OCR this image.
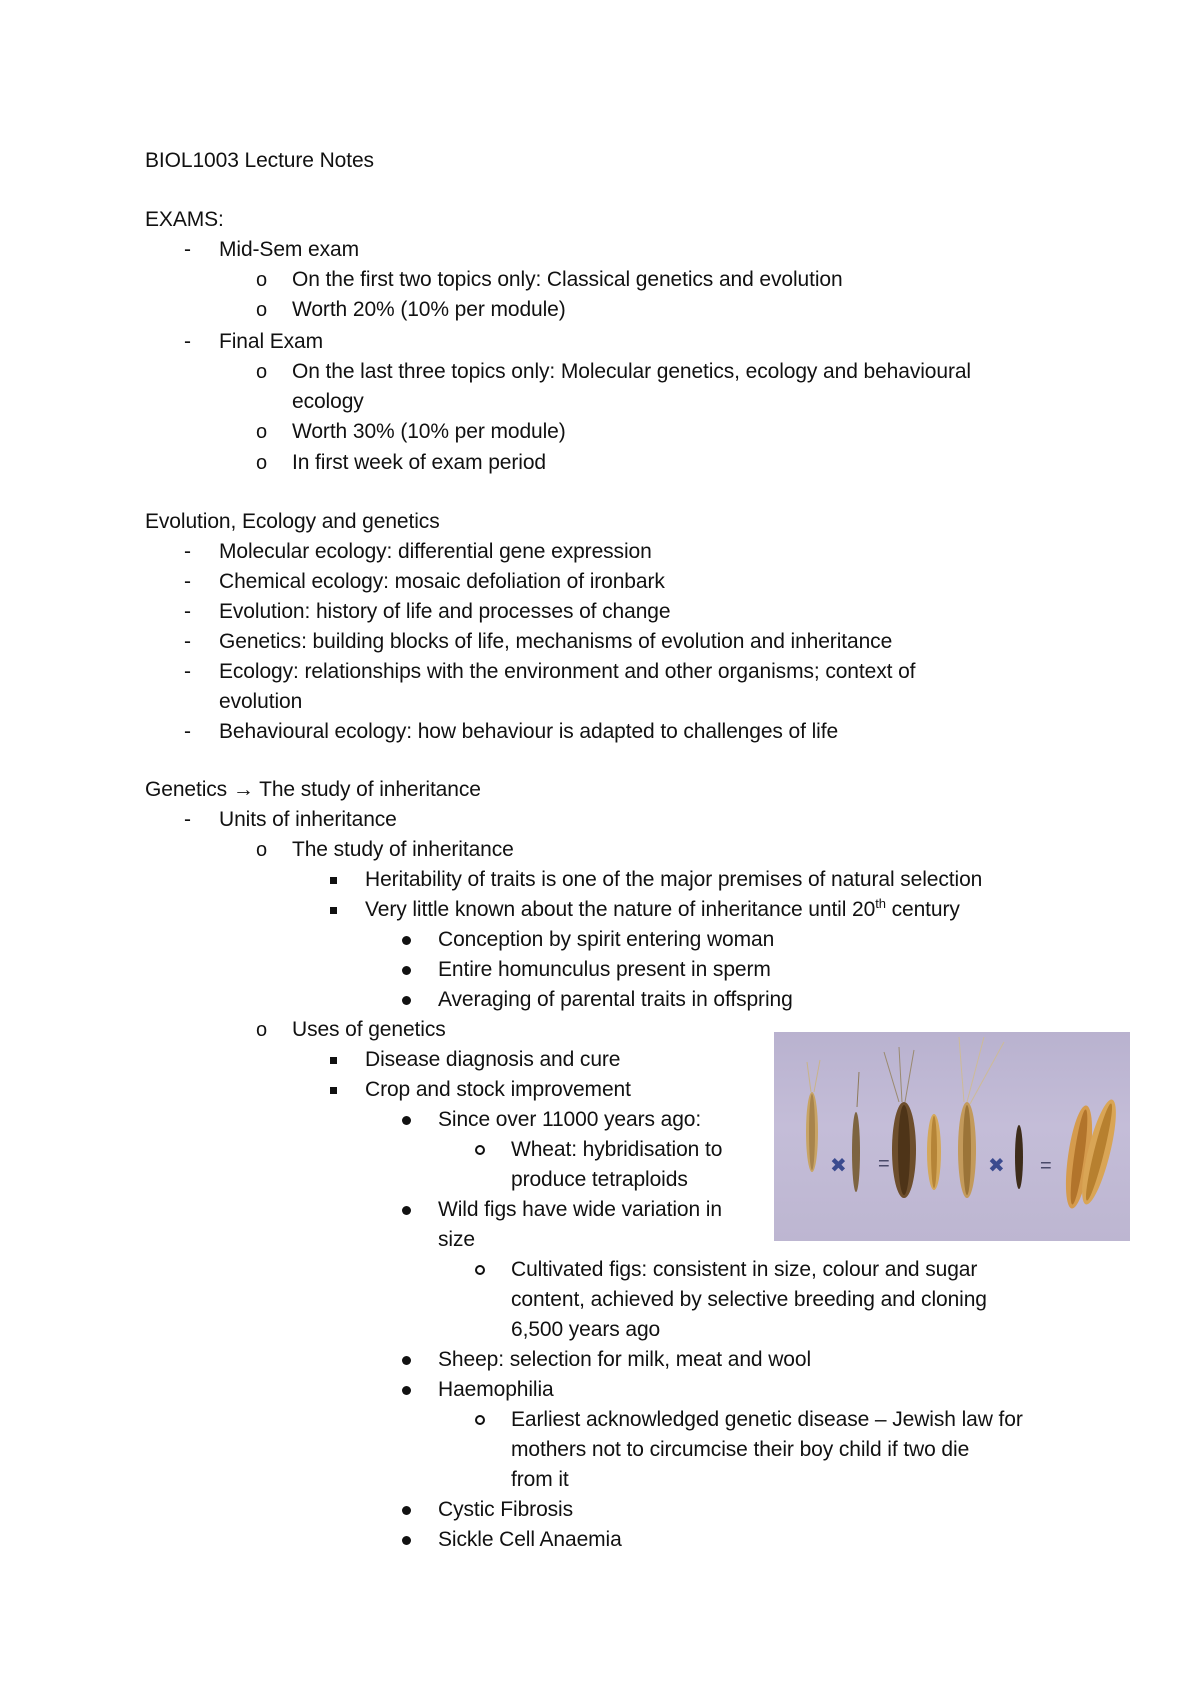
BIOL1003 Lecture Notes
EXAMS:
- Mid-Sem exam
o On the first two topics only: Classical genetics and evolution
o Worth 20% (10% per module)
- Final Exam
o On the last three topics only: Molecular genetics, ecology and behavioural
ecology
o Worth 30% (10% per module)
o In first week of exam period
Evolution, Ecology and genetics
- Molecular ecology: differential gene expression
- Chemical ecology: mosaic defoliation of ironbark
- Evolution: history of life and processes of change
- Genetics: building blocks of life, mechanisms of evolution and inheritance
- Ecology: relationships with the environment and other organisms; context of
evolution
- Behavioural ecology: how behaviour is adapted to challenges of life
Genetics → The study of inheritance
- Units of inheritance
o The study of inheritance
Heritability of traits is one of the major premises of natural selection
Very little known about the nature of inheritance until 20th century
Conception by spirit entering woman
Entire homunculus present in sperm
Averaging of parental traits in offspring
o Uses of genetics
Disease diagnosis and cure
Crop and stock improvement
Since over 11000 years ago:
Wheat: hybridisation to
produce tetraploids
Wild figs have wide variation in
size
Cultivated figs: consistent in size, colour and sugar
content, achieved by selective breeding and cloning
6,500 years ago
Sheep: selection for milk, meat and wool
Haemophilia
Earliest acknowledged genetic disease – Jewish law for
mothers not to circumcise their boy child if two die
from it
Cystic Fibrosis
Sickle Cell Anaemia
✖ =	✖ =
